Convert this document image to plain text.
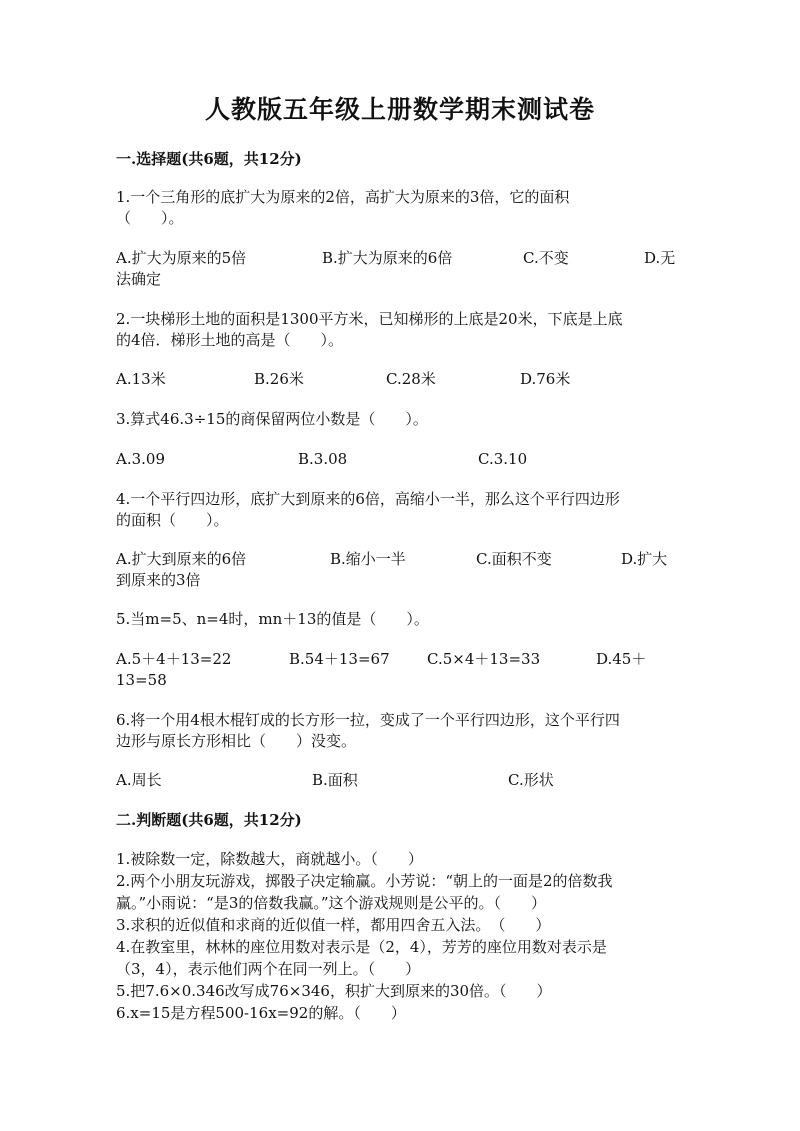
人教版五年级上册数学期末测试卷
一.选择题(共6题，共12分)
1.一个三角形的底扩大为原来的2倍，高扩大为原来的3倍，它的面积
（　　）。
A.扩大为原来的5倍	B.扩大为原来的6倍	C.不变	D.无
法确定
2.一块梯形土地的面积是1300平方米，已知梯形的上底是20米，下底是上底
的4倍．梯形土地的高是（　　）。
A.13米	B.26米	C.28米	D.76米
3.算式46.3÷15的商保留两位小数是（　　）。
A.3.09	B.3.08	C.3.10
4.一个平行四边形，底扩大到原来的6倍，高缩小一半，那么这个平行四边形
的面积（　　）。
A.扩大到原来的6倍	B.缩小一半	C.面积不变	D.扩大
到原来的3倍
5.当m=5、n=4时，mn＋13的值是（　　）。
A.5＋4＋13=22	B.54＋13=67 C.5×4＋13=33	D.45＋
13=58
6.将一个用4根木棍钉成的长方形一拉，变成了一个平行四边形，这个平行四
边形与原长方形相比（　　）没变。
A.周长	B.面积	C.形状
二.判断题(共6题，共12分)
1.被除数一定，除数越大，商就越小。（　　）
2.两个小朋友玩游戏，掷骰子决定输赢。小芳说：“朝上的一面是2的倍数我
赢。”小雨说：“是3的倍数我赢。”这个游戏规则是公平的。（　　）
3.求积的近似值和求商的近似值一样，都用四舍五入法。　（　　）
4.在教室里，林林的座位用数对表示是（2，4），芳芳的座位用数对表示是
（3，4），表示他们两个在同一列上。（　　）
5.把7.6×0.346改写成76×346，积扩大到原来的30倍。（　　）
6.x=15是方程500-16x=92的解。（　　）
